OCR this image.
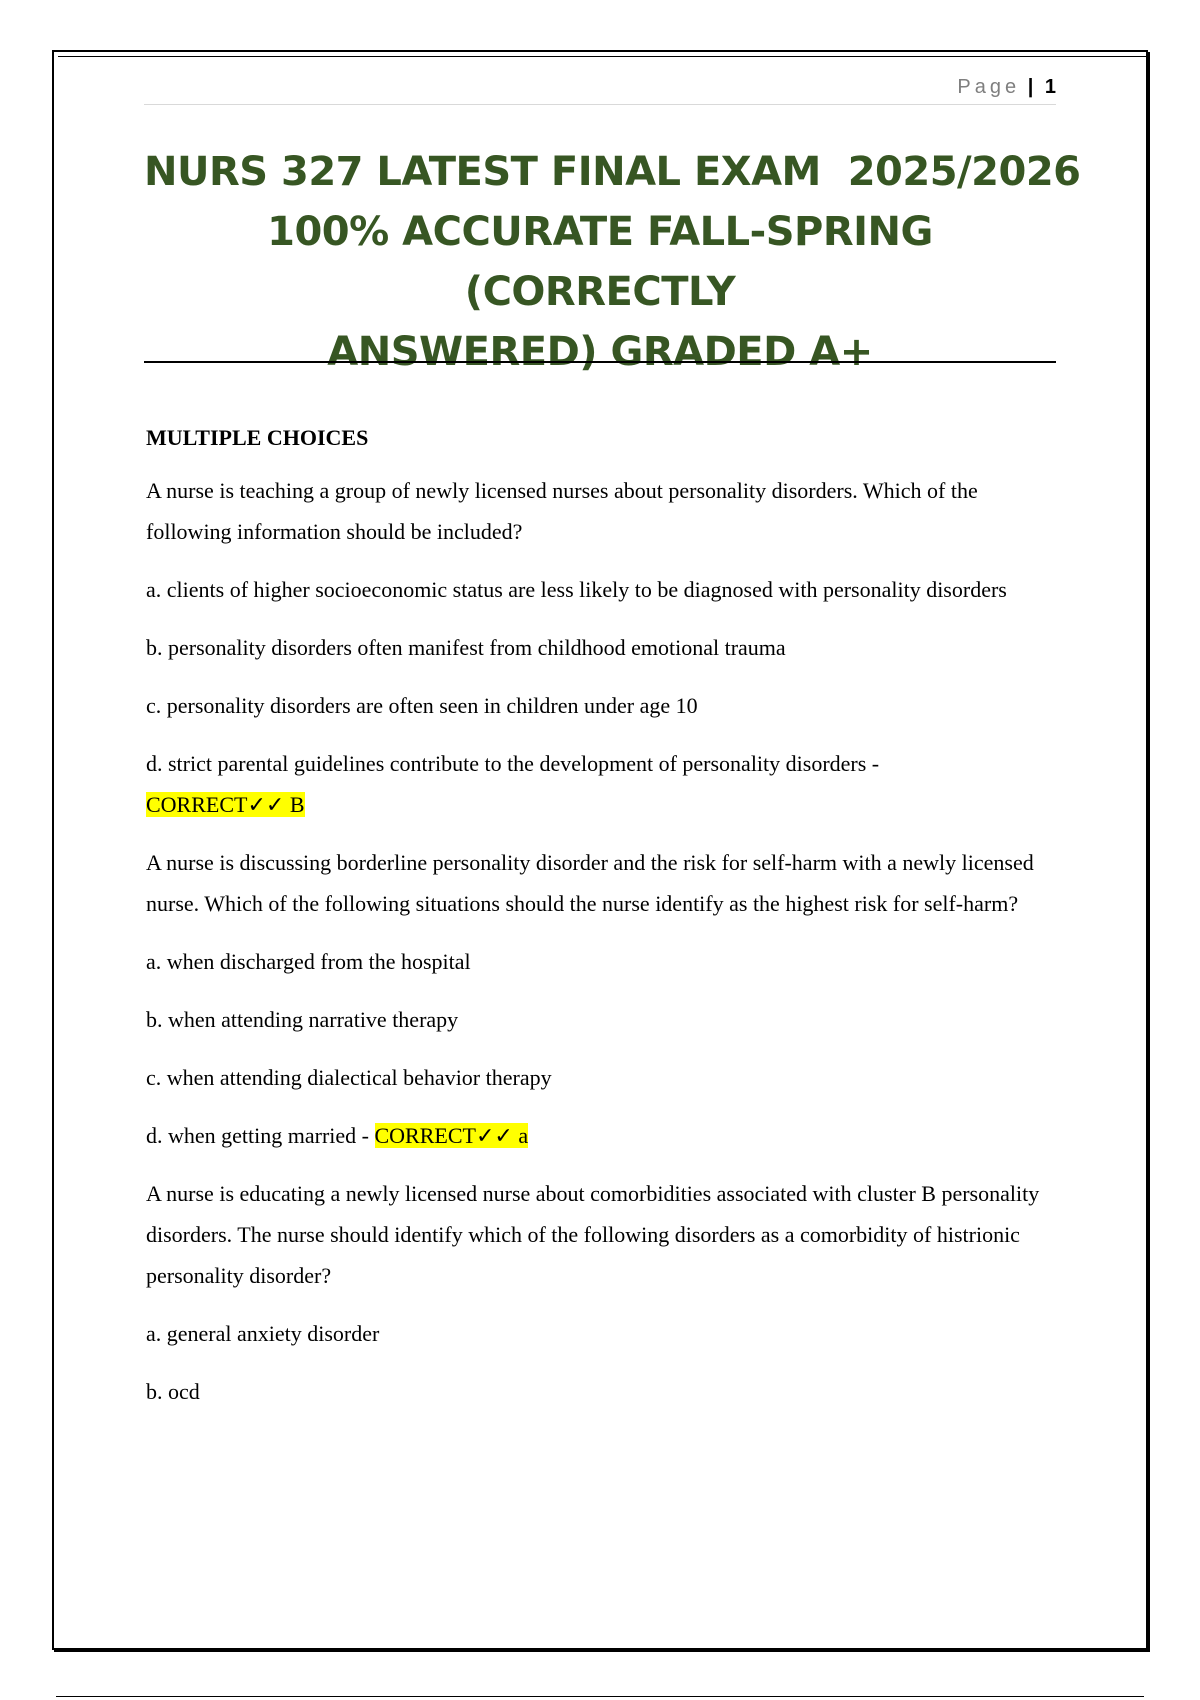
Page | 1
NURS 327 LATEST FINAL EXAM  2025/2026
100% ACCURATE FALL-SPRING (CORRECTLY
ANSWERED) GRADED A+
MULTIPLE CHOICES

A nurse is teaching a group of newly licensed nurses about personality disorders. Which of the following information should be included?

a. clients of higher socioeconomic status are less likely to be diagnosed with personality disorders

b. personality disorders often manifest from childhood emotional trauma

c. personality disorders are often seen in children under age 10

d. strict parental guidelines contribute to the development of personality disorders -
CORRECT✓✓ B

A nurse is discussing borderline personality disorder and the risk for self-harm with a newly licensed nurse. Which of the following situations should the nurse identify as the highest risk for self-harm?

a. when discharged from the hospital

b. when attending narrative therapy

c. when attending dialectical behavior therapy

d. when getting married - CORRECT✓✓ a

A nurse is educating a newly licensed nurse about comorbidities associated with cluster B personality disorders. The nurse should identify which of the following disorders as a comorbidity of histrionic personality disorder?

a. general anxiety disorder

b. ocd
